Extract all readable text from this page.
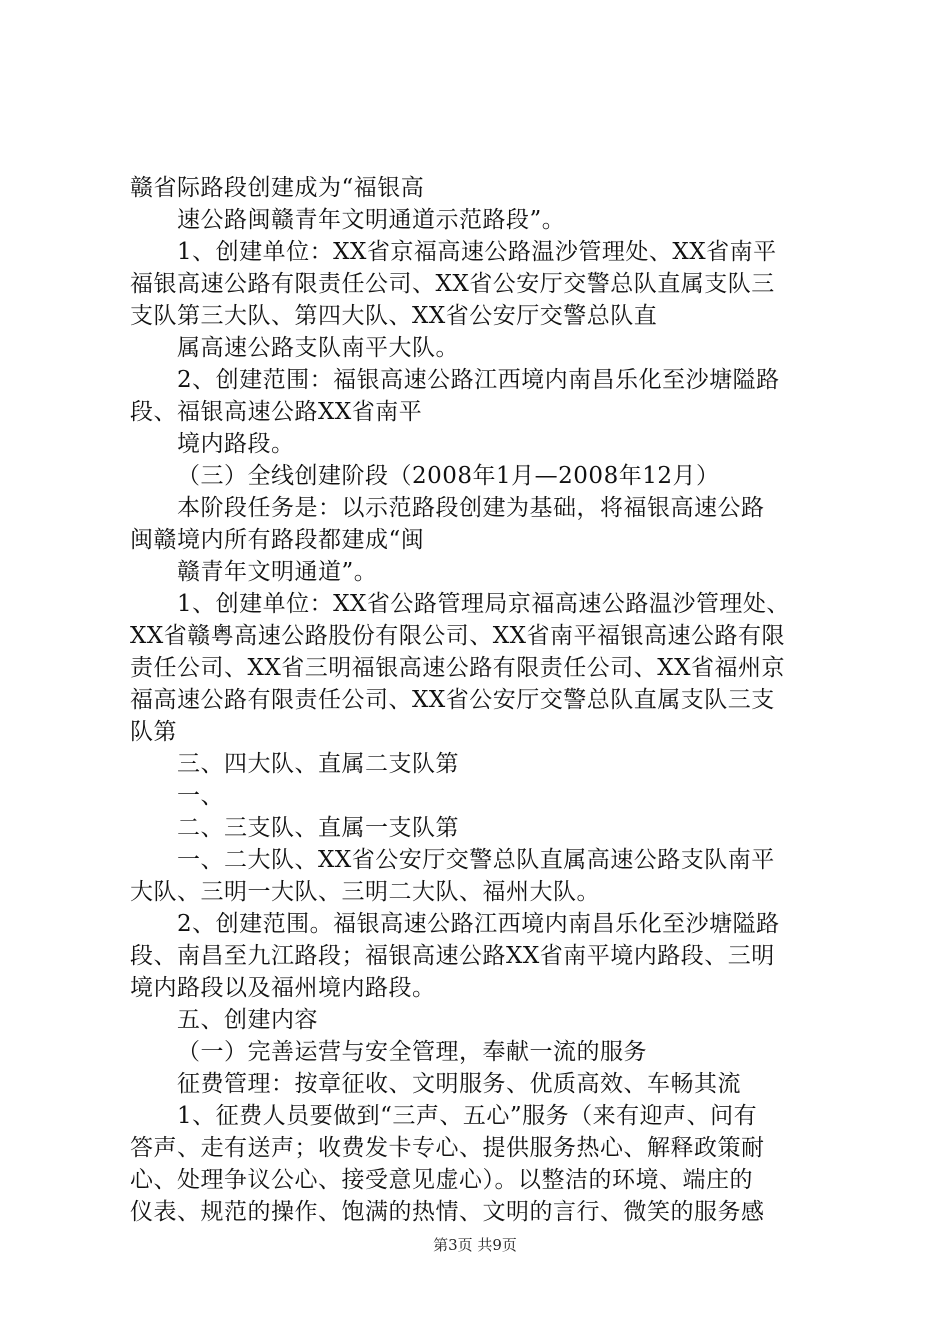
赣省际路段创建成为“福银高
速公路闽赣青年文明通道示范路段”。
1、创建单位：XX省京福高速公路温沙管理处、XX省南平
福银高速公路有限责任公司、XX省公安厅交警总队直属支队三
支队第三大队、第四大队、XX省公安厅交警总队直
属高速公路支队南平大队。
2、创建范围：福银高速公路江西境内南昌乐化至沙塘隘路
段、福银高速公路XX省南平
境内路段。
（三）全线创建阶段（2008年1月—2008年12月）
本阶段任务是：以示范路段创建为基础，将福银高速公路
闽赣境内所有路段都建成“闽
赣青年文明通道”。
1、创建单位：XX省公路管理局京福高速公路温沙管理处、
XX省赣粤高速公路股份有限公司、XX省南平福银高速公路有限
责任公司、XX省三明福银高速公路有限责任公司、XX省福州京
福高速公路有限责任公司、XX省公安厅交警总队直属支队三支
队第
三、四大队、直属二支队第
一、
二、三支队、直属一支队第
一、二大队、XX省公安厅交警总队直属高速公路支队南平
大队、三明一大队、三明二大队、福州大队。
2、创建范围。福银高速公路江西境内南昌乐化至沙塘隘路
段、南昌至九江路段；福银高速公路XX省南平境内路段、三明
境内路段以及福州境内路段。
五、创建内容
（一）完善运营与安全管理，奉献一流的服务
征费管理：按章征收、文明服务、优质高效、车畅其流
1、征费人员要做到“三声、五心”服务（来有迎声、问有
答声、走有送声；收费发卡专心、提供服务热心、解释政策耐
心、处理争议公心、接受意见虚心）。以整洁的环境、端庄的
仪表、规范的操作、饱满的热情、文明的言行、微笑的服务感
第3页 共9页
